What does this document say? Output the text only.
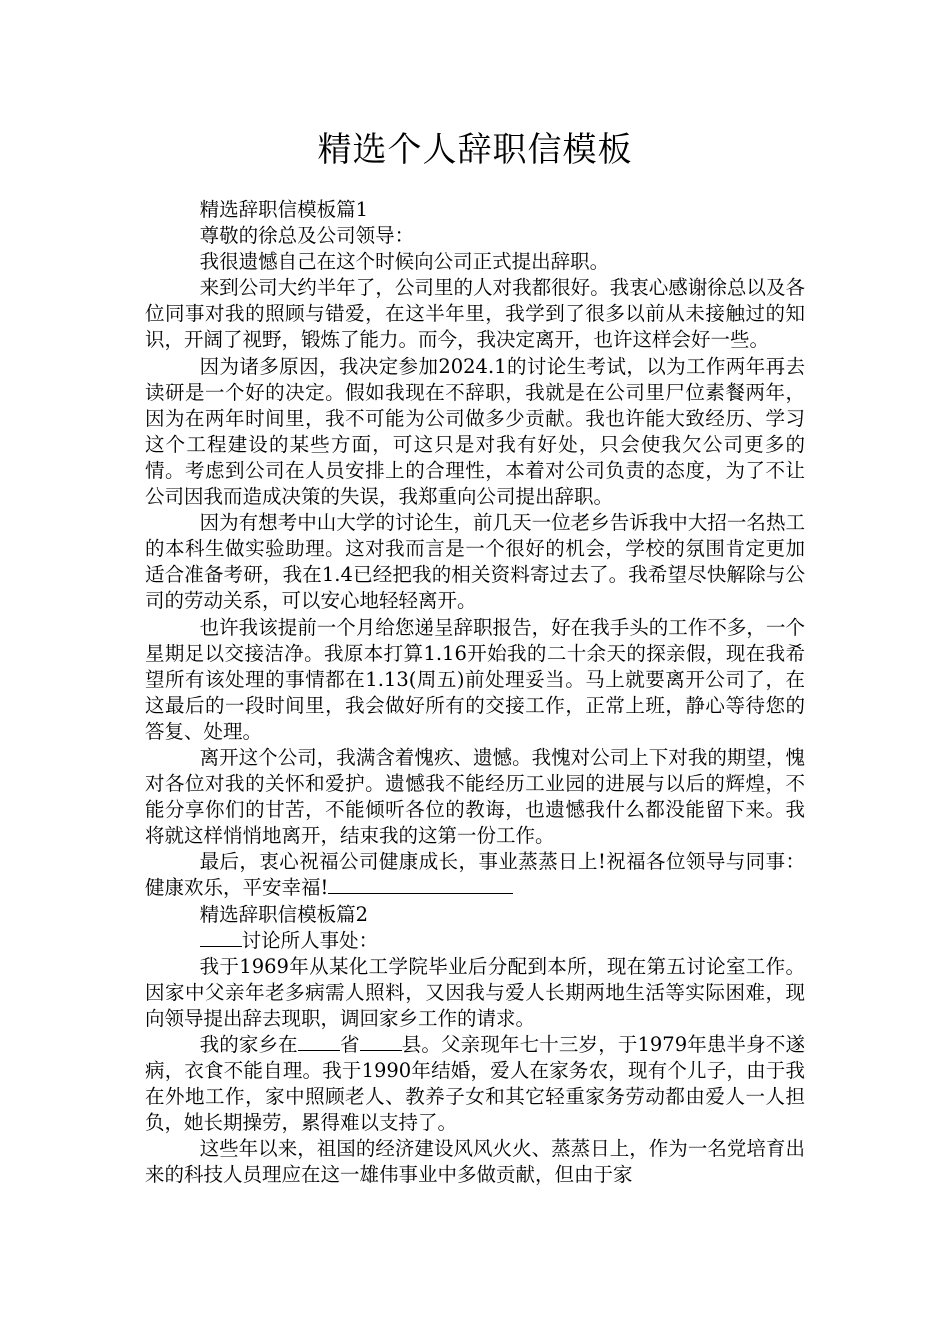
精选个人辞职信模板

精选辞职信模板篇1

尊敬的徐总及公司领导：

我很遗憾自己在这个时候向公司正式提出辞职。

来到公司大约半年了，公司里的人对我都很好。我衷心感谢徐总以及各位同事对我的照顾与错爱，在这半年里，我学到了很多以前从未接触过的知识，开阔了视野，锻炼了能力。而今，我决定离开，也许这样会好一些。

因为诸多原因，我决定参加2024.1的讨论生考试，以为工作两年再去读研是一个好的决定。假如我现在不辞职，我就是在公司里尸位素餐两年，因为在两年时间里，我不可能为公司做多少贡献。我也许能大致经历、学习这个工程建设的某些方面，可这只是对我有好处，只会使我欠公司更多的情。考虑到公司在人员安排上的合理性，本着对公司负责的态度，为了不让公司因我而造成决策的失误，我郑重向公司提出辞职。

因为有想考中山大学的讨论生，前几天一位老乡告诉我中大招一名热工的本科生做实验助理。这对我而言是一个很好的机会，学校的氛围肯定更加适合准备考研，我在1.4已经把我的相关资料寄过去了。我希望尽快解除与公司的劳动关系，可以安心地轻轻离开。

也许我该提前一个月给您递呈辞职报告，好在我手头的工作不多，一个星期足以交接洁净。我原本打算1.16开始我的二十余天的探亲假，现在我希望所有该处理的事情都在1.13(周五)前处理妥当。马上就要离开公司了，在这最后的一段时间里，我会做好所有的交接工作，正常上班，静心等待您的答复、处理。

离开这个公司，我满含着愧疚、遗憾。我愧对公司上下对我的期望，愧对各位对我的关怀和爱护。遗憾我不能经历工业园的进展与以后的辉煌，不能分享你们的甘苦，不能倾听各位的教诲，也遗憾我什么都没能留下来。我将就这样悄悄地离开，结束我的这第一份工作。

最后，衷心祝福公司健康成长，事业蒸蒸日上!祝福各位领导与同事：健康欢乐，平安幸福!

精选辞职信模板篇2

讨论所人事处：

我于1969年从某化工学院毕业后分配到本所，现在第五讨论室工作。因家中父亲年老多病需人照料，又因我与爱人长期两地生活等实际困难，现向领导提出辞去现职，调回家乡工作的请求。

我的家乡在 省 县。父亲现年七十三岁，于1979年患半身不遂病，衣食不能自理。我于1990年结婚，爱人在家务农，现有个儿子，由于我在外地工作，家中照顾老人、教养子女和其它轻重家务劳动都由爱人一人担负，她长期操劳，累得难以支持了。

这些年以来，祖国的经济建设风风火火、蒸蒸日上，作为一名党培育出来的科技人员理应在这一雄伟事业中多做贡献，但由于家
